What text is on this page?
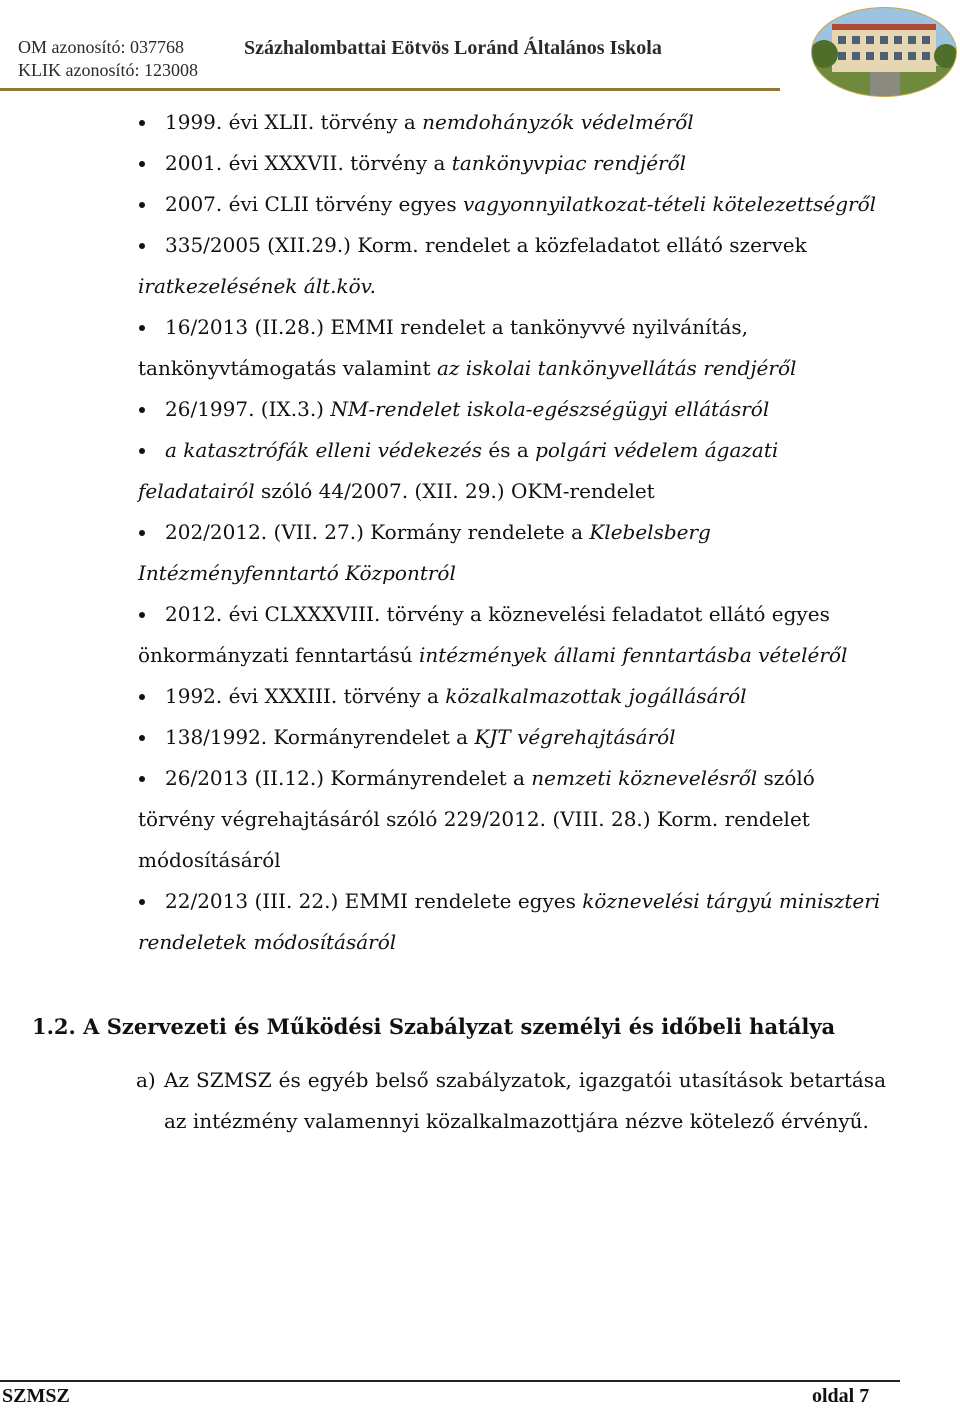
OM azonosító: 037768
KLIK azonosító: 123008
Százhalombattai Eötvös Loránd Általános Iskola
1999. évi XLII. törvény a nemdohányzók védelméről
2001. évi XXXVII. törvény a tankönyvpiac rendjéről
2007. évi CLII törvény egyes vagyonnyilatkozat-tételi kötelezettségről
335/2005 (XII.29.) Korm. rendelet a közfeladatot ellátó szervek iratkezelésének ált.köv.
16/2013 (II.28.) EMMI rendelet a tankönyvvé nyilvánítás, tankönyvtámogatás valamint az iskolai tankönyvellátás rendjéről
26/1997. (IX.3.) NM-rendelet iskola-egészségügyi ellátásról
a katasztrófák elleni védekezés és a polgári védelem ágazati feladatairól szóló 44/2007. (XII. 29.) OKM-rendelet
202/2012. (VII. 27.) Kormány rendelete a Klebelsberg Intézményfenntartó Központról
2012. évi CLXXXVIII. törvény a köznevelési feladatot ellátó egyes önkormányzati fenntartású intézmények állami fenntartásba vételéről
1992. évi XXXIII. törvény a közalkalmazottak jogállásáról
138/1992. Kormányrendelet a KJT végrehajtásáról
26/2013 (II.12.) Kormányrendelet a nemzeti köznevelésről szóló törvény végrehajtásáról szóló 229/2012. (VIII. 28.) Korm. rendelet módosításáról
22/2013 (III. 22.) EMMI rendelete egyes köznevelési tárgyú miniszteri rendeletek módosításáról
1.2. A Szervezeti és Működési Szabályzat személyi és időbeli hatálya
a) Az SZMSZ és egyéb belső szabályzatok, igazgatói utasítások betartása az intézmény valamennyi közalkalmazottjára nézve kötelező érvényű.
SZMSZ	oldal 7
